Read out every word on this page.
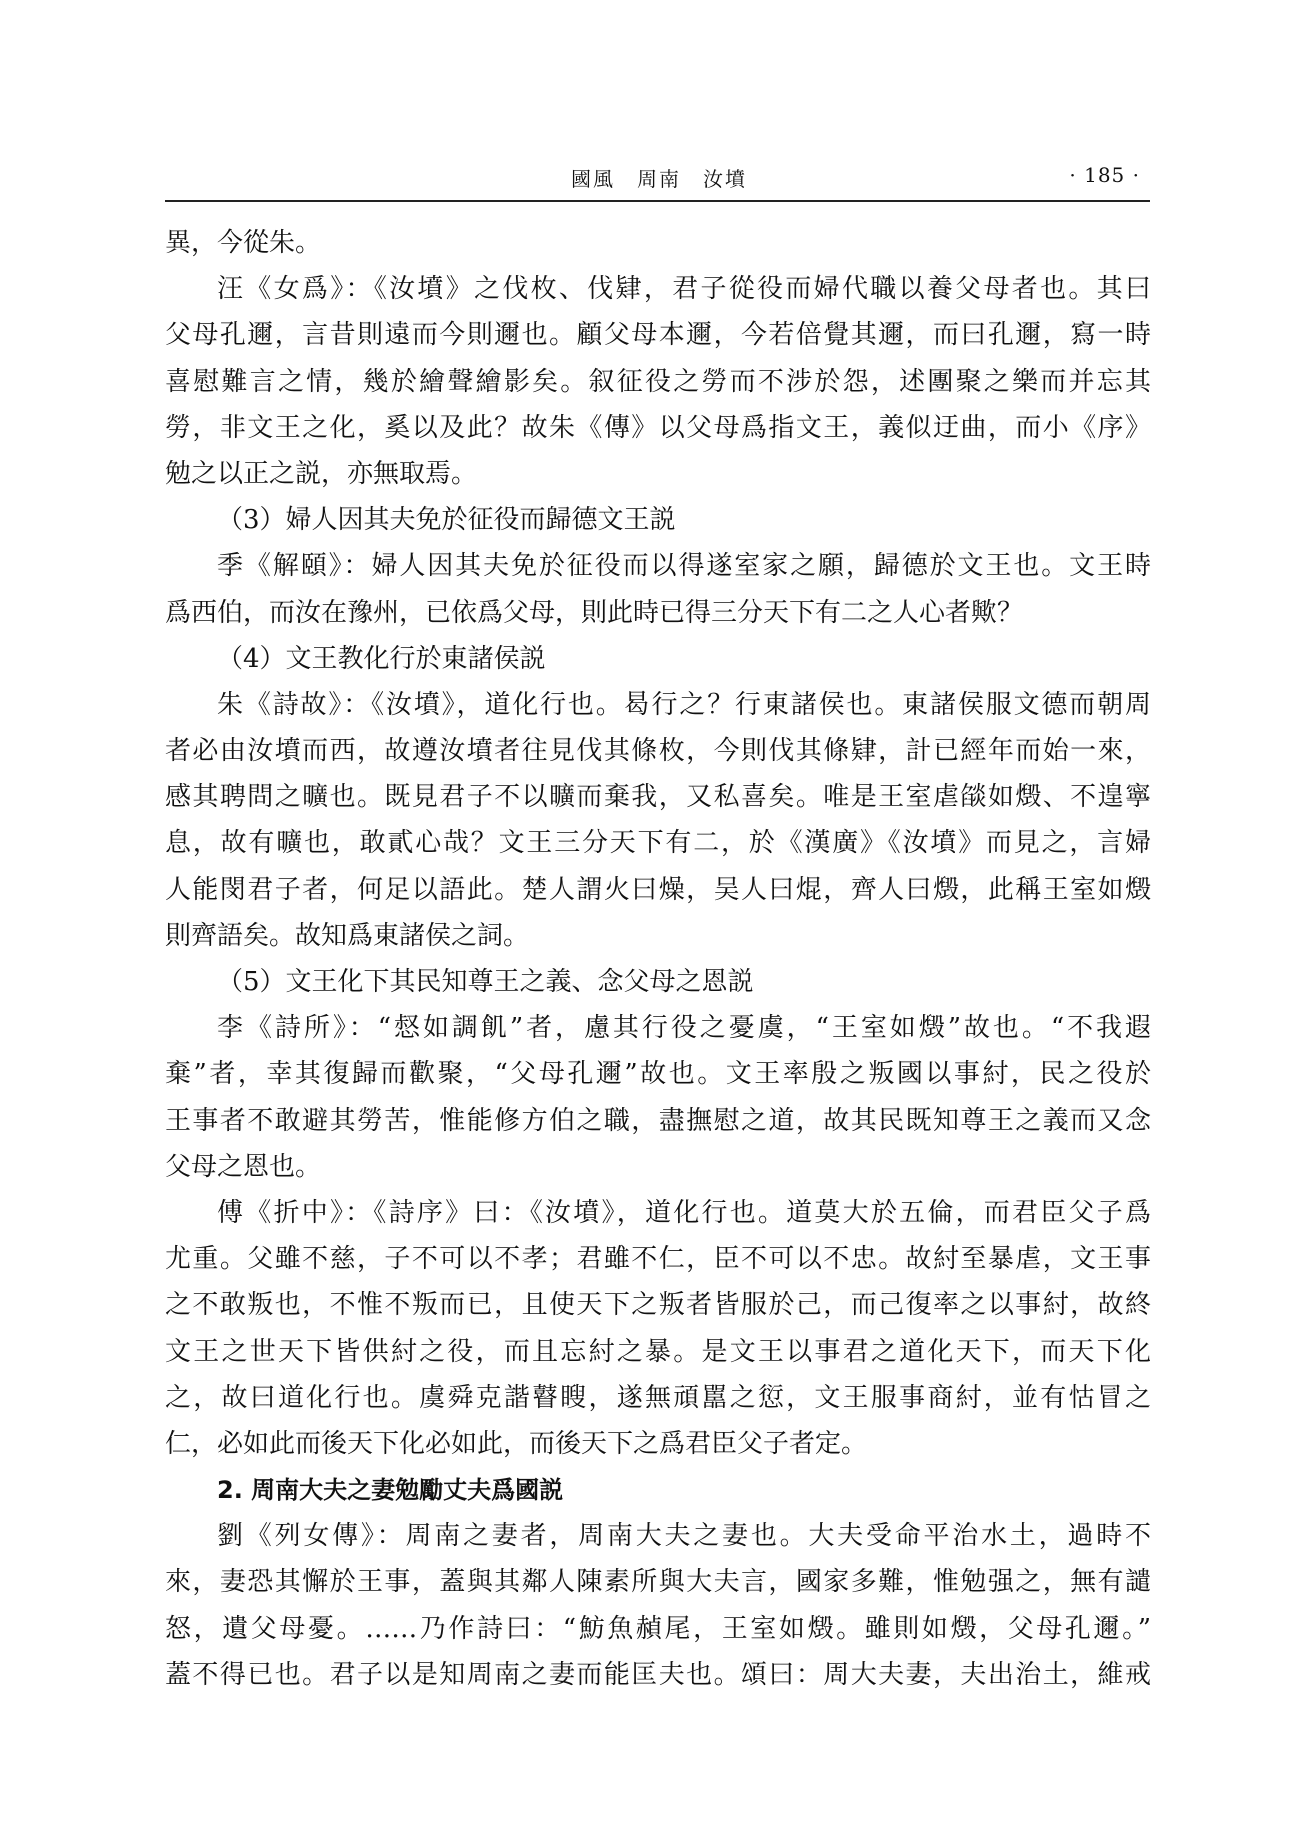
國風　周南　汝墳	· 185 ·
異，今從朱。
汪《女爲》：《汝墳》之伐枚、伐肄，君子從役而婦代職以養父母者也。其曰
父母孔邇，言昔則遠而今則邇也。顧父母本邇，今若倍覺其邇，而曰孔邇，寫一時
喜慰難言之情，幾於繪聲繪影矣。叙征役之勞而不涉於怨，述團聚之樂而并忘其
勞，非文王之化，奚以及此？故朱《傳》以父母爲指文王，義似迂曲，而小《序》
勉之以正之説，亦無取焉。
（3）婦人因其夫免於征役而歸德文王説
季《解頤》：婦人因其夫免於征役而以得遂室家之願，歸德於文王也。文王時
爲西伯，而汝在豫州，已依爲父母，則此時已得三分天下有二之人心者歟？
（4）文王教化行於東諸侯説
朱《詩故》：《汝墳》，道化行也。曷行之？行東諸侯也。東諸侯服文德而朝周
者必由汝墳而西，故遵汝墳者往見伐其條枚，今則伐其條肄，計已經年而始一來，
感其聘問之曠也。既見君子不以曠而棄我，又私喜矣。唯是王室虐燄如燬、不遑寧
息，故有曠也，敢貳心哉？文王三分天下有二，於《漢廣》《汝墳》而見之，言婦
人能閔君子者，何足以語此。楚人謂火曰燥，吴人曰焜，齊人曰燬，此稱王室如燬
則齊語矣。故知爲東諸侯之詞。
（5）文王化下其民知尊王之義、念父母之恩説
李《詩所》：“惄如調飢”者，慮其行役之憂虞，“王室如燬”故也。“不我遐
棄”者，幸其復歸而歡聚，“父母孔邇”故也。文王率殷之叛國以事紂，民之役於
王事者不敢避其勞苦，惟能修方伯之職，盡撫慰之道，故其民既知尊王之義而又念
父母之恩也。
傅《折中》：《詩序》曰：《汝墳》，道化行也。道莫大於五倫，而君臣父子爲
尤重。父雖不慈，子不可以不孝；君雖不仁，臣不可以不忠。故紂至暴虐，文王事
之不敢叛也，不惟不叛而已，且使天下之叛者皆服於己，而己復率之以事紂，故終
文王之世天下皆供紂之役，而且忘紂之暴。是文王以事君之道化天下，而天下化
之，故曰道化行也。虞舜克諧瞽瞍，遂無頑嚚之愆，文王服事商紂，並有怙冒之
仁，必如此而後天下化必如此，而後天下之爲君臣父子者定。
2. 周南大夫之妻勉勵丈夫爲國説
劉《列女傳》：周南之妻者，周南大夫之妻也。大夫受命平治水土，過時不
來，妻恐其懈於王事，蓋與其鄰人陳素所與大夫言，國家多難，惟勉强之，無有譴
怒，遺父母憂。……乃作詩曰：“魴魚赬尾，王室如燬。雖則如燬，父母孔邇。”
蓋不得已也。君子以是知周南之妻而能匡夫也。頌曰：周大夫妻，夫出治土，維戒
